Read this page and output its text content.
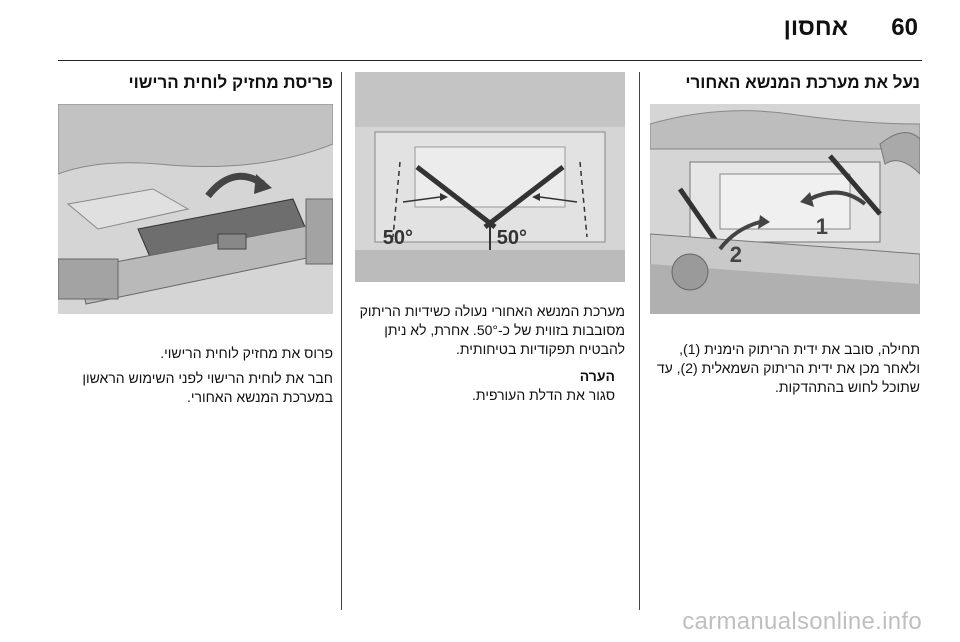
60
אחסון
נעל את מערכת המנשא האחורי
1
2

תחילה, סובב את ידית הריתוק הימנית (1), ולאחר מכן את ידית הריתוק השמאלית (2), עד שתוכל לחוש בהתהדקות.

50°	50°

מערכת המנשא האחורי נעולה כשידיות הריתוק מסובבות בזווית של כ-50°. אחרת, לא ניתן להבטיח תפקודיות בטיחותית.

הערה

סגור את הדלת העורפית.

פריסת מחזיק לוחית הרישוי

פרוס את מחזיק לוחית הרישוי.

חבר את לוחית הרישוי לפני השימוש הראשון במערכת המנשא האחורי.

carmanualsonline.info
